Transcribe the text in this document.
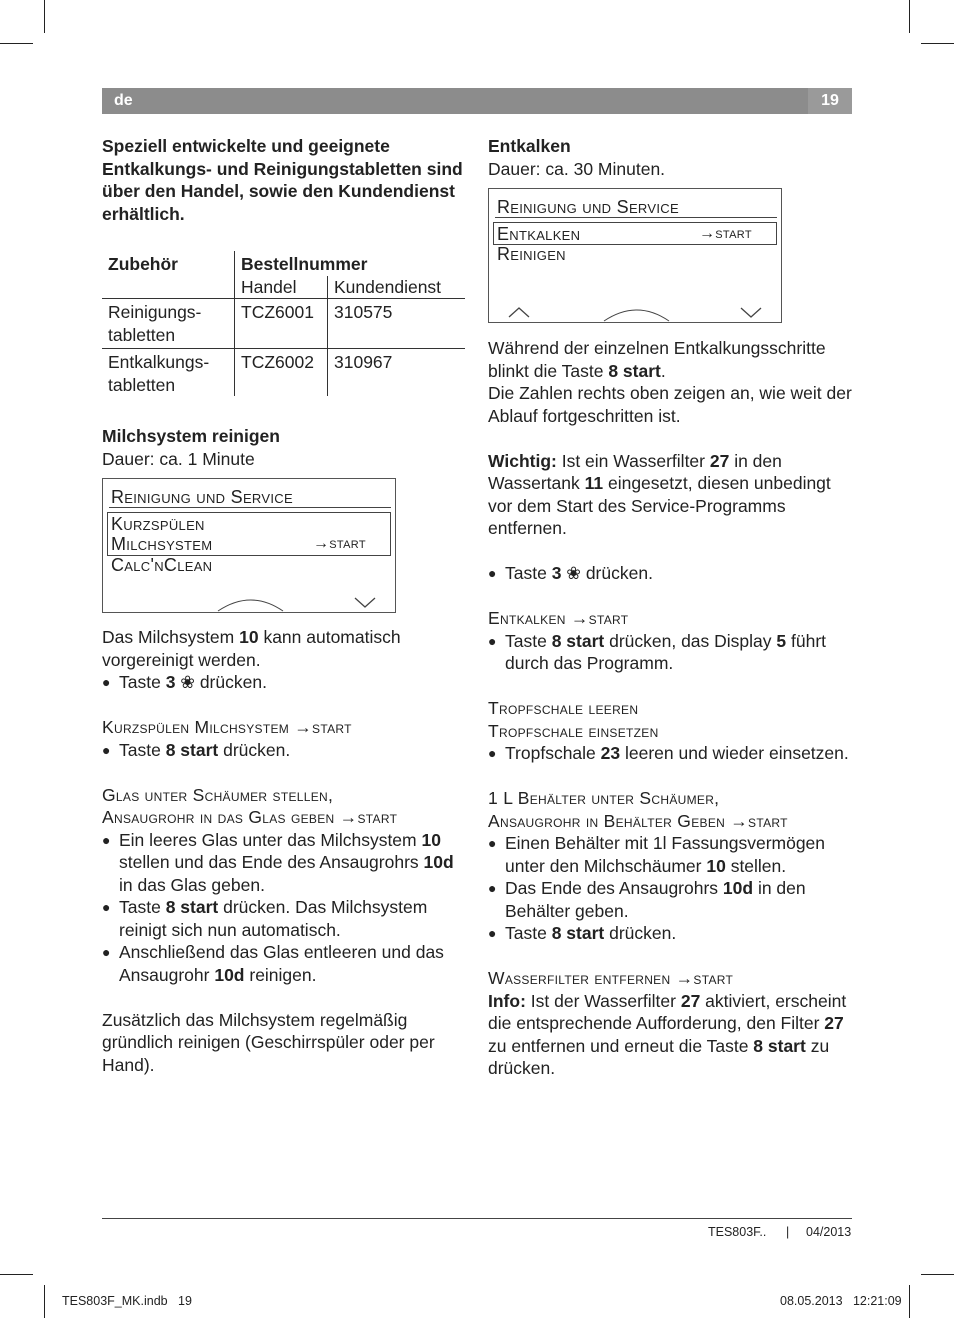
de	19

Speziell entwickelte und geeignete Entkalkungs- und Reinigungstabletten sind über den Handel, sowie den Kundendienst erhältlich.

Zubehör	Bestellnummer	
	Handel	Kundendienst
Reinigungs-
tabletten	TCZ6001	310575
Entkalkungs-
tabletten	TCZ6002	310967

Milchsystem reinigen

Dauer: ca. 1 Minute

Reinigung und Service
Kurzspülen
Milchsystem	→start
Calc'nClean

Das Milchsystem 10 kann automatisch vorgereinigt werden.

● Taste 3 ❀ drücken.

Kurzspülen Milchsystem →start

● Taste 8 start drücken.

Glas unter Schäumer stellen,

Ansaugrohr in das Glas geben →start

● Ein leeres Glas unter das Milchsystem 10 stellen und das Ende des Ansaugrohrs 10d in das Glas geben.

● Taste 8 start drücken. Das Milchsystem reinigt sich nun automatisch.

● Anschließend das Glas entleeren und das Ansaugrohr 10d reinigen.

Zusätzlich das Milchsystem regelmäßig gründlich reinigen (Geschirrspüler oder per Hand).

Entkalken

Dauer: ca. 30 Minuten.

Reinigung und Service
Entkalken	→start
Reinigen

Während der einzelnen Entkalkungsschritte blinkt die Taste 8 start.

Die Zahlen rechts oben zeigen an, wie weit der Ablauf fortgeschritten ist.

Wichtig: Ist ein Wasserfilter 27 in den Wassertank 11 eingesetzt, diesen unbedingt vor dem Start des Service-Programms entfernen.

● Taste 3 ❀ drücken.

Entkalken →start

● Taste 8 start drücken, das Display 5 führt durch das Programm.

Tropfschale leeren

Tropfschale einsetzen

● Tropfschale 23 leeren und wieder einsetzen.

1 L Behälter unter Schäumer,

Ansaugrohr in Behälter Geben →start

● Einen Behälter mit 1l Fassungsvermögen unter den Milchschäumer 10 stellen.

● Das Ende des Ansaugrohrs 10d in den Behälter geben.

● Taste 8 start drücken.

Wasserfilter entfernen →start

Info: Ist der Wasserfilter 27 aktiviert, erscheint die entsprechende Aufforderung, den Filter 27 zu entfernen und erneut die Taste 8 start zu drücken.

TES803F.. | 04/2013
TES803F_MK.indb   19	08.05.2013   12:21:09
